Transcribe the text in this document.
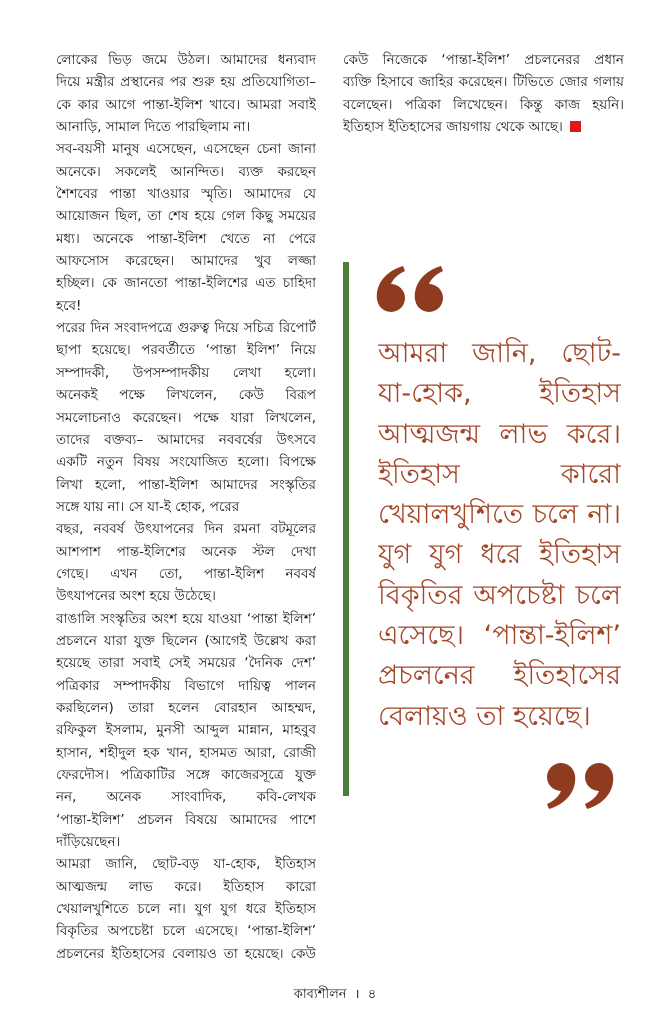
লোকের ভিড় জমে উঠল। আমাদের ধন্যবাদ
দিয়ে মন্ত্রীর প্রস্থানের পর শুরু হয় প্রতিযোগিতা–
কে কার আগে পান্তা-ইলিশ খাবে। আমরা সবাই
আনাড়ি, সামাল দিতে পারছিলাম না।
সব-বয়সী মানুষ এসেছেন, এসেছেন চেনা জানা
অনেকে। সকলেই আনন্দিত। ব্যক্ত করছেন
শৈশবের পান্তা খাওয়ার স্মৃতি। আমাদের যে
আয়োজন ছিল, তা শেষ হয়ে গেল কিছু সময়ের
মধ্য। অনেকে পান্তা-ইলিশ খেতে না পেরে
আফসোস করেছেন। আমাদের খুব লজ্জা
হচ্ছিল। কে জানতো পান্তা-ইলিশের এত চাহিদা
হবে!
পরের দিন সংবাদপত্রে গুরুত্ব দিয়ে সচিত্র রিপোর্ট
ছাপা হয়েছে। পরবর্তীতে ‘পান্তা ইলিশ’ নিয়ে
সম্পাদকী, উপসম্পাদকীয় লেখা হলো।
অনেকই পক্ষে লিখলেন, কেউ বিরূপ
সমলোচনাও করেছেন। পক্ষে যারা লিখলেন,
তাদের বক্তব্য– আমাদের নববর্ষের উৎসবে
একটি নতুন বিষয় সংযোজিত হলো। বিপক্ষে
লিখা হলো, পান্তা-ইলিশ আমাদের সংস্কৃতির
সঙ্গে যায় না। সে যা-ই হোক, পরের
বছর, নববর্ষ উৎযাপনের দিন রমনা বটমূলের
আশপাশ পান্ত-ইলিশের অনেক স্টল দেখা
গেছে। এখন তো, পান্তা-ইলিশ নববর্ষ
উৎযাপনের অংশ হয়ে উঠেছে।
বাঙালি সংস্কৃতির অংশ হয়ে যাওয়া ‘পান্তা ইলিশ’
প্রচলনে যারা যুক্ত ছিলেন (আগেই উল্লেখ করা
হয়েছে তারা সবাই সেই সময়ের ‘দৈনিক দেশ’
পত্রিকার সম্পাদকীয় বিভাগে দায়িত্ব পালন
করছিলেন) তারা হলেন বোরহান আহম্মদ,
রফিকুল ইসলাম, মুনসী আব্দুল মান্নান, মাহবুব
হাসান, শহীদুল হক খান, হাসমত আরা, রোজী
ফেরদৌস। পত্রিকাটির সঙ্গে কাজেরসূত্রে যুক্ত
নন, অনেক সাংবাদিক, কবি-লেখক
‘পান্তা-ইলিশ’ প্রচলন বিষয়ে আমাদের পাশে
দাঁড়িয়েছেন।
আমরা জানি, ছোট-বড় যা-হোক, ইতিহাস
আত্মজন্ম লাভ করে। ইতিহাস কারো
খেয়ালখুশিতে চলে না। যুগ যুগ ধরে ইতিহাস
বিকৃতির অপচেষ্টা চলে এসেছে। ‘পান্তা-ইলিশ’
প্রচলনের ইতিহাসের বেলায়ও তা হয়েছে। কেউ
কেউ নিজেকে ‘পান্তা-ইলিশ’ প্রচলনেরর প্রধান
ব্যক্তি হিসাবে জাহির করেছেন। টিভিতে জোর গলায়
বলেছেন। পত্রিকা লিখেছেন। কিন্তু কাজ হয়নি।
ইতিহাস ইতিহাসের জায়গায় থেকে আছে।
আমরা জানি, ছোট-
যা-হোক, ইতিহাস
আত্মজন্ম লাভ করে।
ইতিহাস কারো
খেয়ালখুশিতে চলে না।
যুগ যুগ ধরে ইতিহাস
বিকৃতির অপচেষ্টা চলে
এসেছে। ‘পান্তা-ইলিশ’
প্রচলনের ইতিহাসের
বেলায়ও তা হয়েছে।
কাব্যশীলন । ৪
